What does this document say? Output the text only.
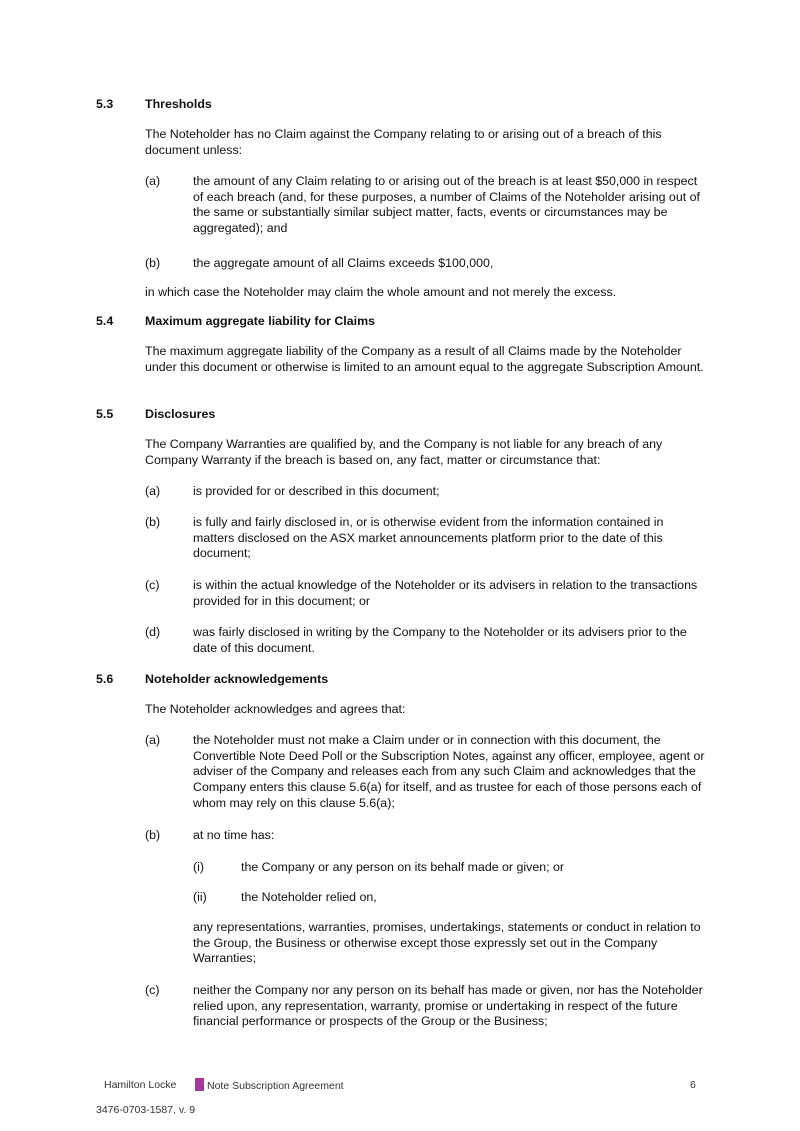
5.3	Thresholds
The Noteholder has no Claim against the Company relating to or arising out of a breach of this document unless:
(a)	the amount of any Claim relating to or arising out of the breach is at least $50,000 in respect of each breach (and, for these purposes, a number of Claims of the Noteholder arising out of the same or substantially similar subject matter, facts, events or circumstances may be aggregated); and
(b)	the aggregate amount of all Claims exceeds $100,000,
in which case the Noteholder may claim the whole amount and not merely the excess.
5.4	Maximum aggregate liability for Claims
The maximum aggregate liability of the Company as a result of all Claims made by the Noteholder under this document or otherwise is limited to an amount equal to the aggregate Subscription Amount.
5.5	Disclosures
The Company Warranties are qualified by, and the Company is not liable for any breach of any Company Warranty if the breach is based on, any fact, matter or circumstance that:
(a)	is provided for or described in this document;
(b)	is fully and fairly disclosed in, or is otherwise evident from the information contained in matters disclosed on the ASX market announcements platform prior to the date of this document;
(c)	is within the actual knowledge of the Noteholder or its advisers in relation to the transactions provided for in this document; or
(d)	was fairly disclosed in writing by the Company to the Noteholder or its advisers prior to the date of this document.
5.6	Noteholder acknowledgements
The Noteholder acknowledges and agrees that:
(a)	the Noteholder must not make a Claim under or in connection with this document, the Convertible Note Deed Poll or the Subscription Notes, against any officer, employee, agent or adviser of the Company and releases each from any such Claim and acknowledges that the Company enters this clause 5.6(a) for itself, and as trustee for each of those persons each of whom may rely on this clause 5.6(a);
(b)	at no time has:
(i)	the Company or any person on its behalf made or given; or
(ii)	the Noteholder relied on,
any representations, warranties, promises, undertakings, statements or conduct in relation to the Group, the Business or otherwise except those expressly set out in the Company Warranties;
(c)	neither the Company nor any person on its behalf has made or given, nor has the Noteholder relied upon, any representation, warranty, promise or undertaking in respect of the future financial performance or prospects of the Group or the Business;
Hamilton Locke	Note Subscription Agreement	6
3476-0703-1587, v. 9
